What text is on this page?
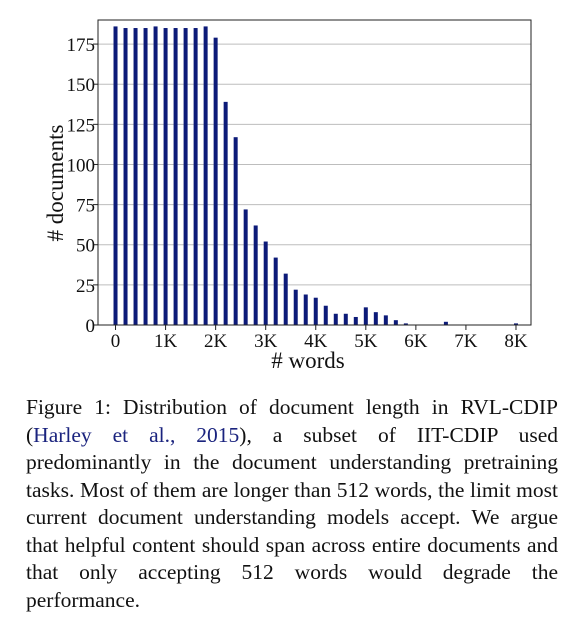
0
25
50
75
100
125
150
175
0 1K 2K 3K 4K 5K 6K 7K 8K
# words
# documents
Figure 1: Distribution of document length in RVL-CDIP (Harley et al., 2015), a subset of IIT-CDIP used predominantly in the document understanding pretraining tasks. Most of them are longer than 512 words, the limit most current document understanding models accept. We argue that helpful content should span across entire documents and that only accepting 512 words would degrade the performance.
